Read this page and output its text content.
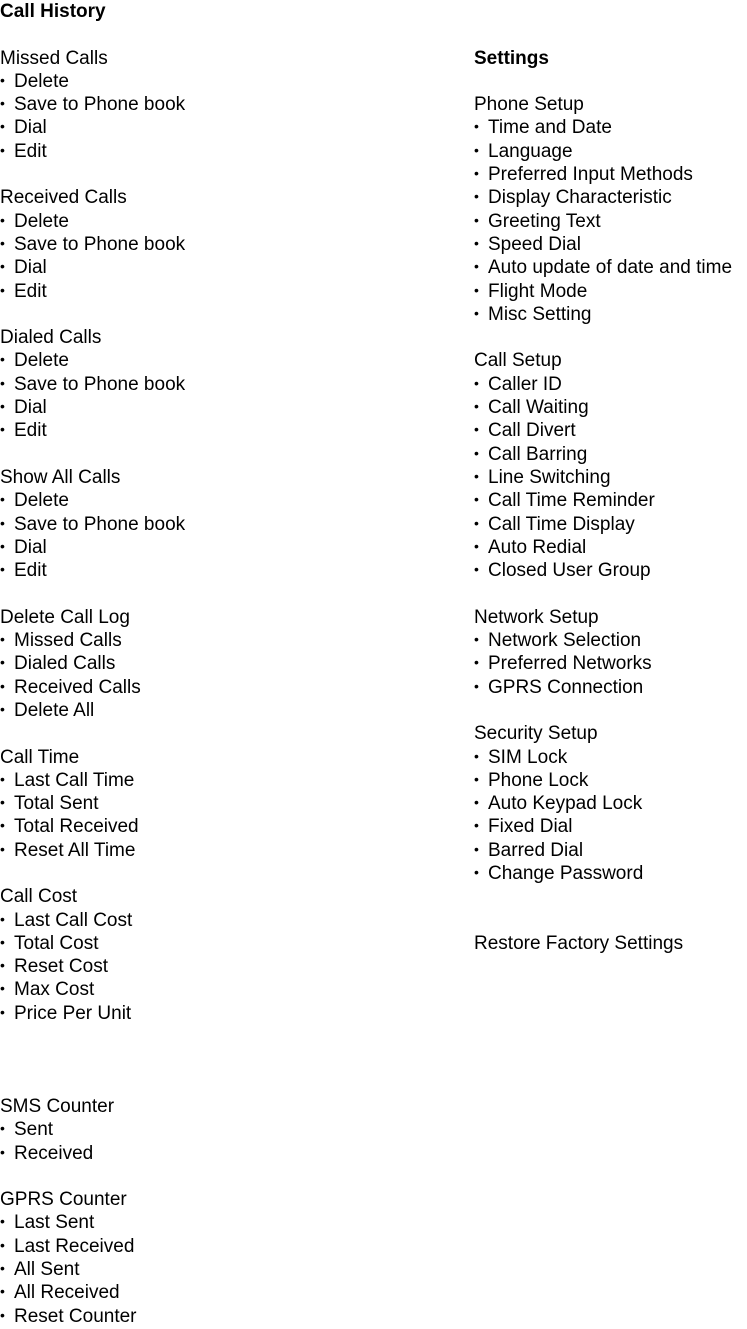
Call History
Missed Calls
•Delete
•Save to Phone book
•Dial
•Edit
Received Calls
•Delete
•Save to Phone book
•Dial
•Edit
Dialed Calls
•Delete
•Save to Phone book
•Dial
•Edit
Show All Calls
•Delete
•Save to Phone book
•Dial
•Edit
Delete Call Log
•Missed Calls
•Dialed Calls
•Received Calls
•Delete All
Call Time
•Last Call Time
•Total Sent
•Total Received
•Reset All Time
Call Cost
•Last Call Cost
•Total Cost
•Reset Cost
•Max Cost
•Price Per Unit
SMS Counter
•Sent
•Received
GPRS Counter
•Last Sent
•Last Received
•All Sent
•All Received
•Reset Counter
Settings
Phone Setup
•Time and Date
•Language
•Preferred Input Methods
•Display Characteristic
•Greeting Text
•Speed Dial
•Auto update of date and time
•Flight Mode
•Misc Setting
Call Setup
•Caller ID
•Call Waiting
•Call Divert
•Call Barring
•Line Switching
•Call Time Reminder
•Call Time Display
•Auto Redial
•Closed User Group
Network Setup
•Network Selection
•Preferred Networks
•GPRS Connection
Security Setup
•SIM Lock
•Phone Lock
•Auto Keypad Lock
•Fixed Dial
•Barred Dial
•Change Password
Restore Factory Settings
